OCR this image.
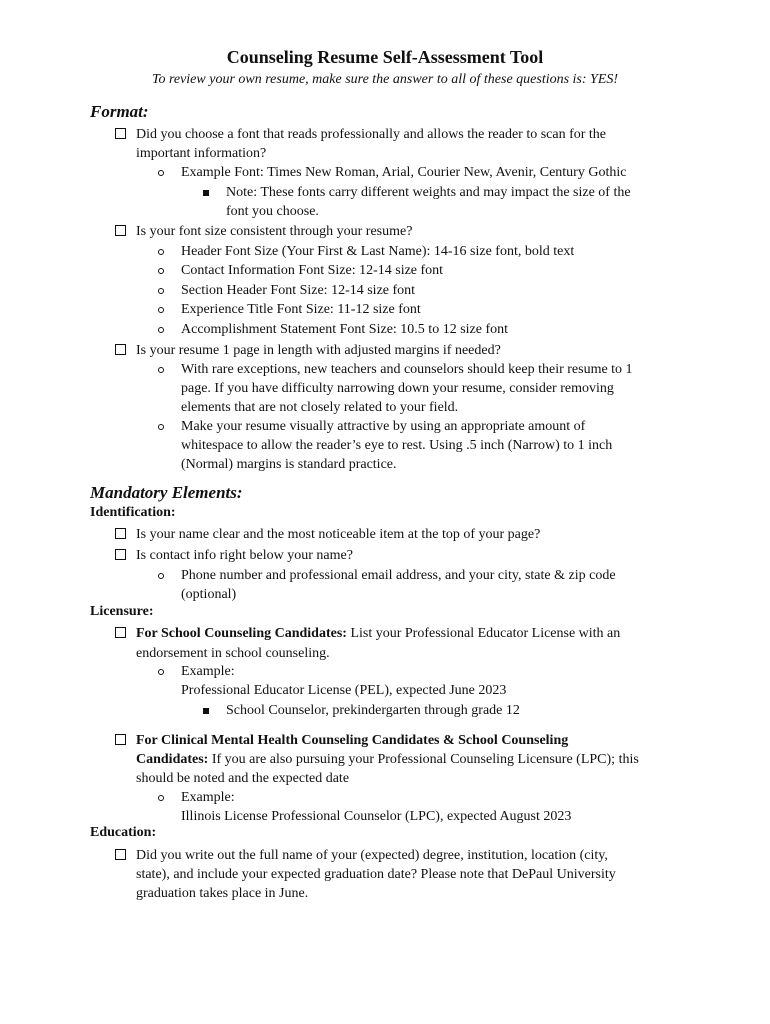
Counseling Resume Self-Assessment Tool
To review your own resume, make sure the answer to all of these questions is: YES!
Format:
Did you choose a font that reads professionally and allows the reader to scan for the
important information?
Example Font: Times New Roman, Arial, Courier New, Avenir, Century Gothic
Note: These fonts carry different weights and may impact the size of the
font you choose.
Is your font size consistent through your resume?
Header Font Size (Your First & Last Name): 14-16 size font, bold text
Contact Information Font Size: 12-14 size font
Section Header Font Size: 12-14 size font
Experience Title Font Size: 11-12 size font
Accomplishment Statement Font Size: 10.5 to 12 size font
Is your resume 1 page in length with adjusted margins if needed?
With rare exceptions, new teachers and counselors should keep their resume to 1
page. If you have difficulty narrowing down your resume, consider removing
elements that are not closely related to your field.
Make your resume visually attractive by using an appropriate amount of
whitespace to allow the reader’s eye to rest. Using .5 inch (Narrow) to 1 inch
(Normal) margins is standard practice.
Mandatory Elements:
Identification:
Is your name clear and the most noticeable item at the top of your page?
Is contact info right below your name?
Phone number and professional email address, and your city, state & zip code
(optional)
Licensure:
For School Counseling Candidates: List your Professional Educator License with an
endorsement in school counseling.
Example:
Professional Educator License (PEL), expected June 2023
School Counselor, prekindergarten through grade 12
For Clinical Mental Health Counseling Candidates & School Counseling
Candidates: If you are also pursuing your Professional Counseling Licensure (LPC); this
should be noted and the expected date
Example:
Illinois License Professional Counselor (LPC), expected August 2023
Education:
Did you write out the full name of your (expected) degree, institution, location (city,
state), and include your expected graduation date? Please note that DePaul University
graduation takes place in June.
